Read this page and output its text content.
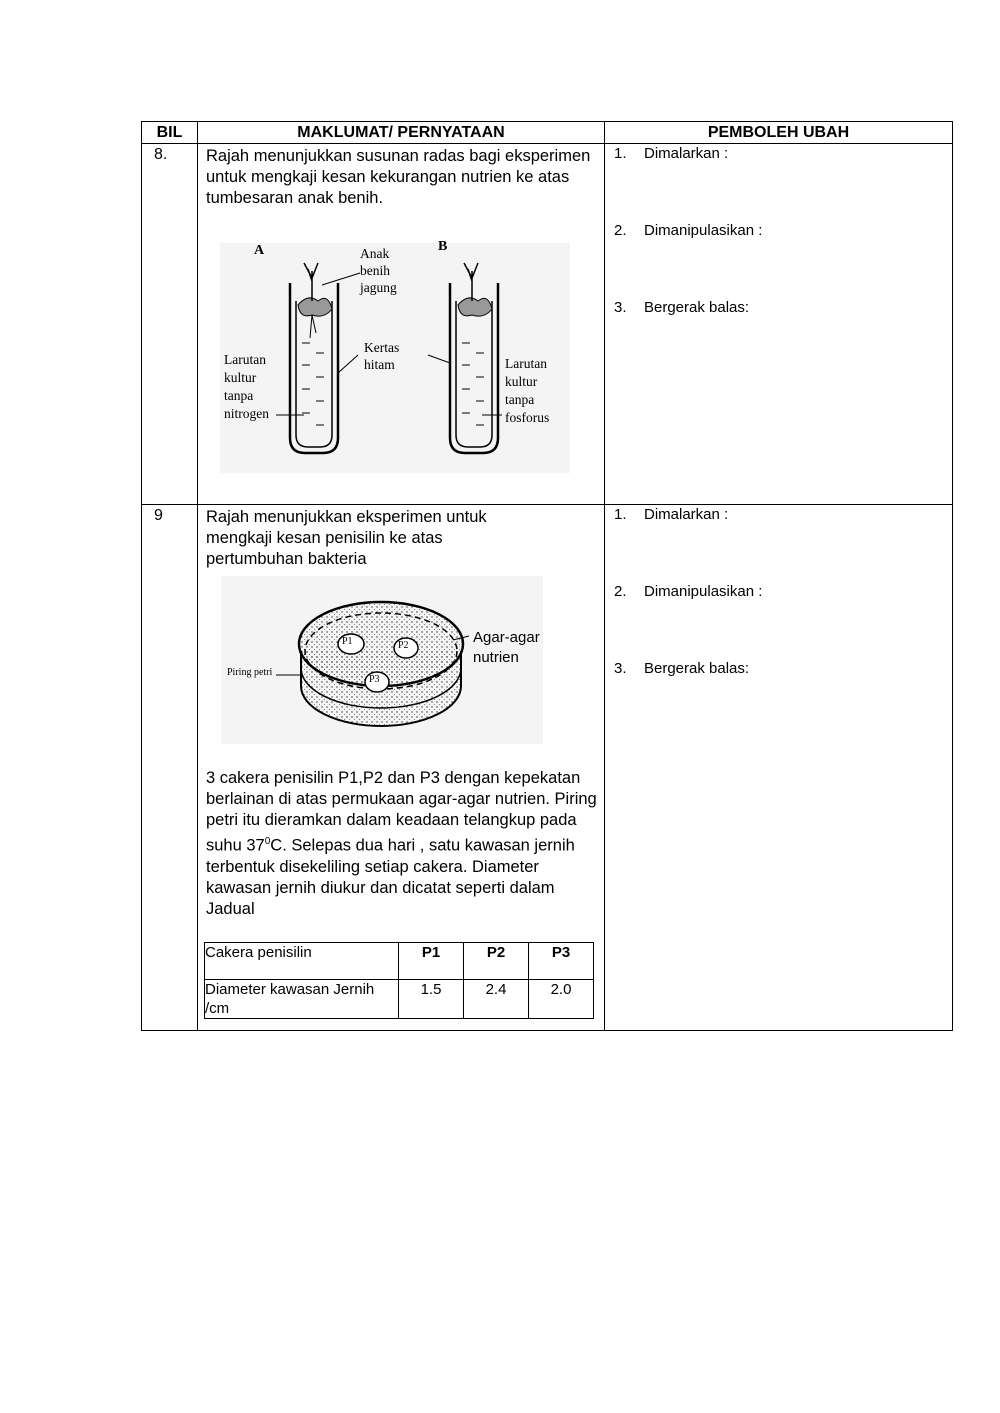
BIL	MAKLUMAT/ PERNYATAAN	PEMBOLEH UBAH
8.	Rajah menunjukkan susunan radas bagi eksperimen untuk mengkaji kesan kekurangan nutrien ke atas tumbesaran anak benih.
A	B
Anak
benih
jagung
Kertas
hitam
Larutan
kultur
tanpa
nitrogen
Larutan
kultur
tanpa
fosforus

1. Dimalarkan :
2. Dimanipulasikan :
3. Bergerak balas:

9	Rajah menunjukkan eksperimen untuk mengkaji kesan penisilin ke atas pertumbuhan bakteria
P1	P2
P3
Piring petri
Agar-agar
nutrien
3 cakera penisilin P1,P2 dan P3 dengan kepekatan berlainan di atas permukaan agar-agar nutrien. Piring petri itu dieramkan dalam keadaan telangkup pada suhu $37^0C$. Selepas dua hari , satu kawasan jernih terbentuk disekeliling setiap cakera. Diameter kawasan jernih diukur dan dicatat seperti dalam Jadual
Cakera penisilin	P1	P2	P3
Diameter kawasan Jernih /cm	1.5	2.4	2.0

1. Dimalarkan :
2. Dimanipulasikan :
3. Bergerak balas:
